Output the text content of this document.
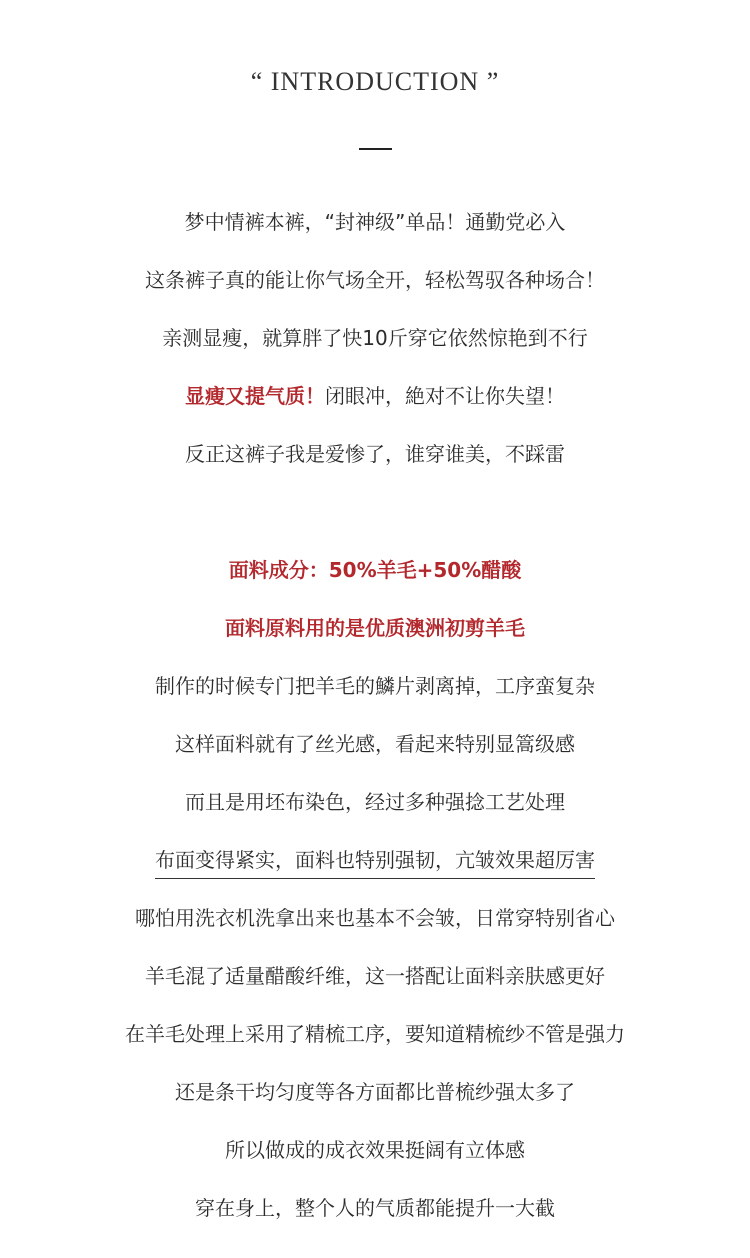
“ INTRODUCTION ”
梦中情裤本裤，“封神级”单品！通勤党必入
这条裤子真的能让你气场全开，轻松驾驭各种场合！
亲测显瘦，就算胖了快10斤穿它依然惊艳到不行
显瘦又提气质！闭眼冲，絶对不让你失望！
反正这裤子我是爱惨了，谁穿谁美，不踩雷
面料成分：50%羊毛+50%醋酸
面料原料用的是优质澳洲初剪羊毛
制作的时候专门把羊毛的鱗片剥离掉，工序蛮复杂
这样面料就有了丝光感，看起来特别显篙级感
而且是用坯布染色，经过多种强捻工艺处理
布面变得紧实，面料也特别强韧，亢皱效果超厉害
哪怕用洗衣机洗拿出来也基本不会皱，日常穿特别省心
羊毛混了适量醋酸纤维，这一搭配让面料亲肤感更好
在羊毛处理上采用了精梳工序，要知道精梳纱不管是强力
还是条干均匀度等各方面都比普梳纱强太多了
所以做成的成衣效果挺阔有立体感
穿在身上，整个人的气质都能提升一大截
